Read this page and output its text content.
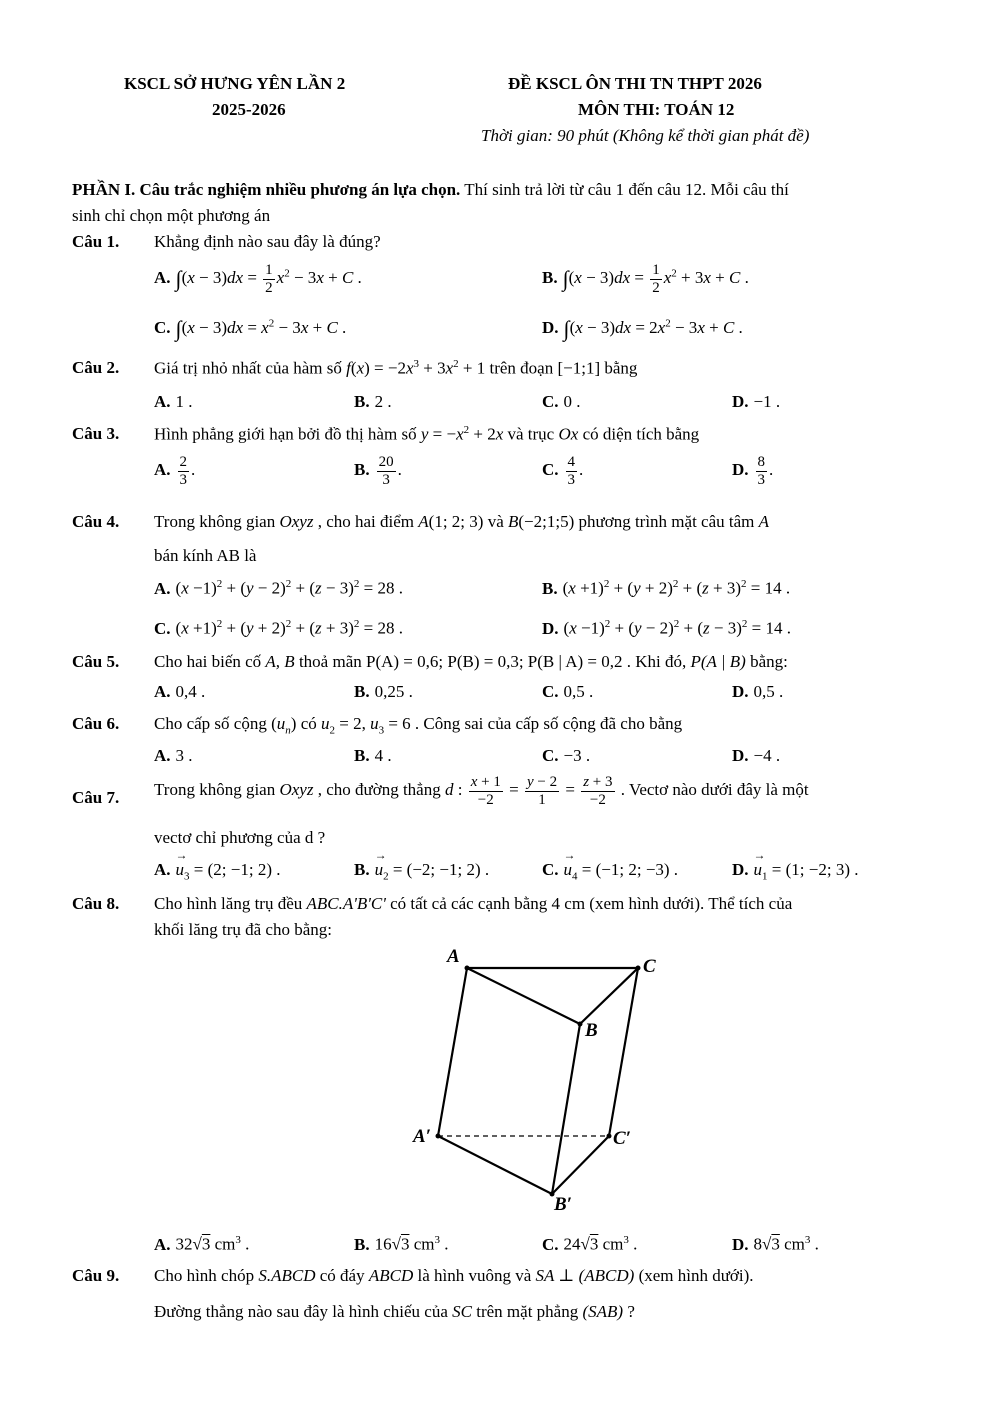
KSCL SỞ HƯNG YÊN LẦN 2
2025-2026
ĐỀ KSCL ÔN THI TN THPT 2026
MÔN THI: TOÁN 12
Thời gian: 90 phút (Không kể thời gian phát đề)
PHẦN I. Câu trắc nghiệm nhiều phương án lựa chọn. Thí sinh trả lời từ câu 1 đến câu 12. Mỗi câu thí
sinh chỉ chọn một phương án
Câu 1. Khẳng định nào sau đây là đúng?
A. $\int(x - 3)dx = \frac{1}{2} x^2 - 3x + C$ .	B. $\int(x - 3)dx = \frac{1}{2} x^2 + 3x + C$ .
C. $\int(x - 3)dx = x^2 - 3x + C$ .	D. $\int(x - 3)dx = 2x^2 - 3x + C$ .
Câu 2. Giá trị nhỏ nhất của hàm số $f(x) = -2x^3 + 3x^2 + 1$ trên đoạn [−1;1] bằng
A. 1 .	B. 2 .	C. 0 .	D. −1 .
Câu 3. Hình phẳng giới hạn bởi đồ thị hàm số $y = -x^2 + 2x$ và trục Ox có diện tích bằng
A. $\frac{2}{3}$ .	B. $\frac{20}{3}$ .	C. $\frac{4}{3}$ .	D. $\frac{8}{3}$ .
Câu 4. Trong không gian Oxyz , cho hai điểm A(1; 2; 3) và B(−2;1;5) phương trình mặt câu tâm A
bán kính AB là
A. $(x -1)^2 + (y - 2)^2 + (z - 3)^2 = 28$ .	B. $(x +1)^2 + (y + 2)^2 + (z + 3)^2 = 14$ .
C. $(x +1)^2 + (y + 2)^2 + (z + 3)^2 = 28$ .	D. $(x -1)^2 + (y - 2)^2 + (z - 3)^2 = 14$ .
Câu 5. Cho hai biến cố A, B thoả mãn P(A) = 0,6; P(B) = 0,3; P(B | A) = 0,2 . Khi đó, P(A | B) bằng:
A. 0,4 .	B. 0,25 .	C. 0,5 .	D. 0,5 .
Câu 6. Cho cấp số cộng $(u_n)$ có $u_2 = 2$, $u_3 = 6$ . Công sai của cấp số cộng đã cho bằng
A. 3 .	B. 4 .	C. −3 .	D. −4 .
Câu 7. Trong không gian Oxyz , cho đường thẳng d : $\frac{x + 1}{-2} = \frac{y - 2}{1} = \frac{z + 3}{-2}$ . Vectơ nào dưới đây là một
vectơ chỉ phương của d ?
A. → $u_3 = (2$; −1; 2) .	B. → $u_2 = (-2$; −1; 2) .	C. → $u_4 = (-1$; 2; −3) .	D. → $u_1 = (1$; −2; 3) .
Câu 8. Cho hình lăng trụ đều ABC.A'B'C' có tất cả các cạnh bằng 4 cm (xem hình dưới). Thể tích của
khối lăng trụ đã cho bằng:
A	C
B
A′	C′
B′
A. 32√3 $cm^3$ .	B. 16√3 $cm^3$ .	C. 24√3 $cm^3$ .	D. 8√3 $cm^3$ .
Câu 9. Cho hình chóp S.ABCD có đáy ABCD là hình vuông và SA ⊥ (ABCD) (xem hình dưới).
Đường thẳng nào sau đây là hình chiếu của SC trên mặt phẳng (SAB) ?
